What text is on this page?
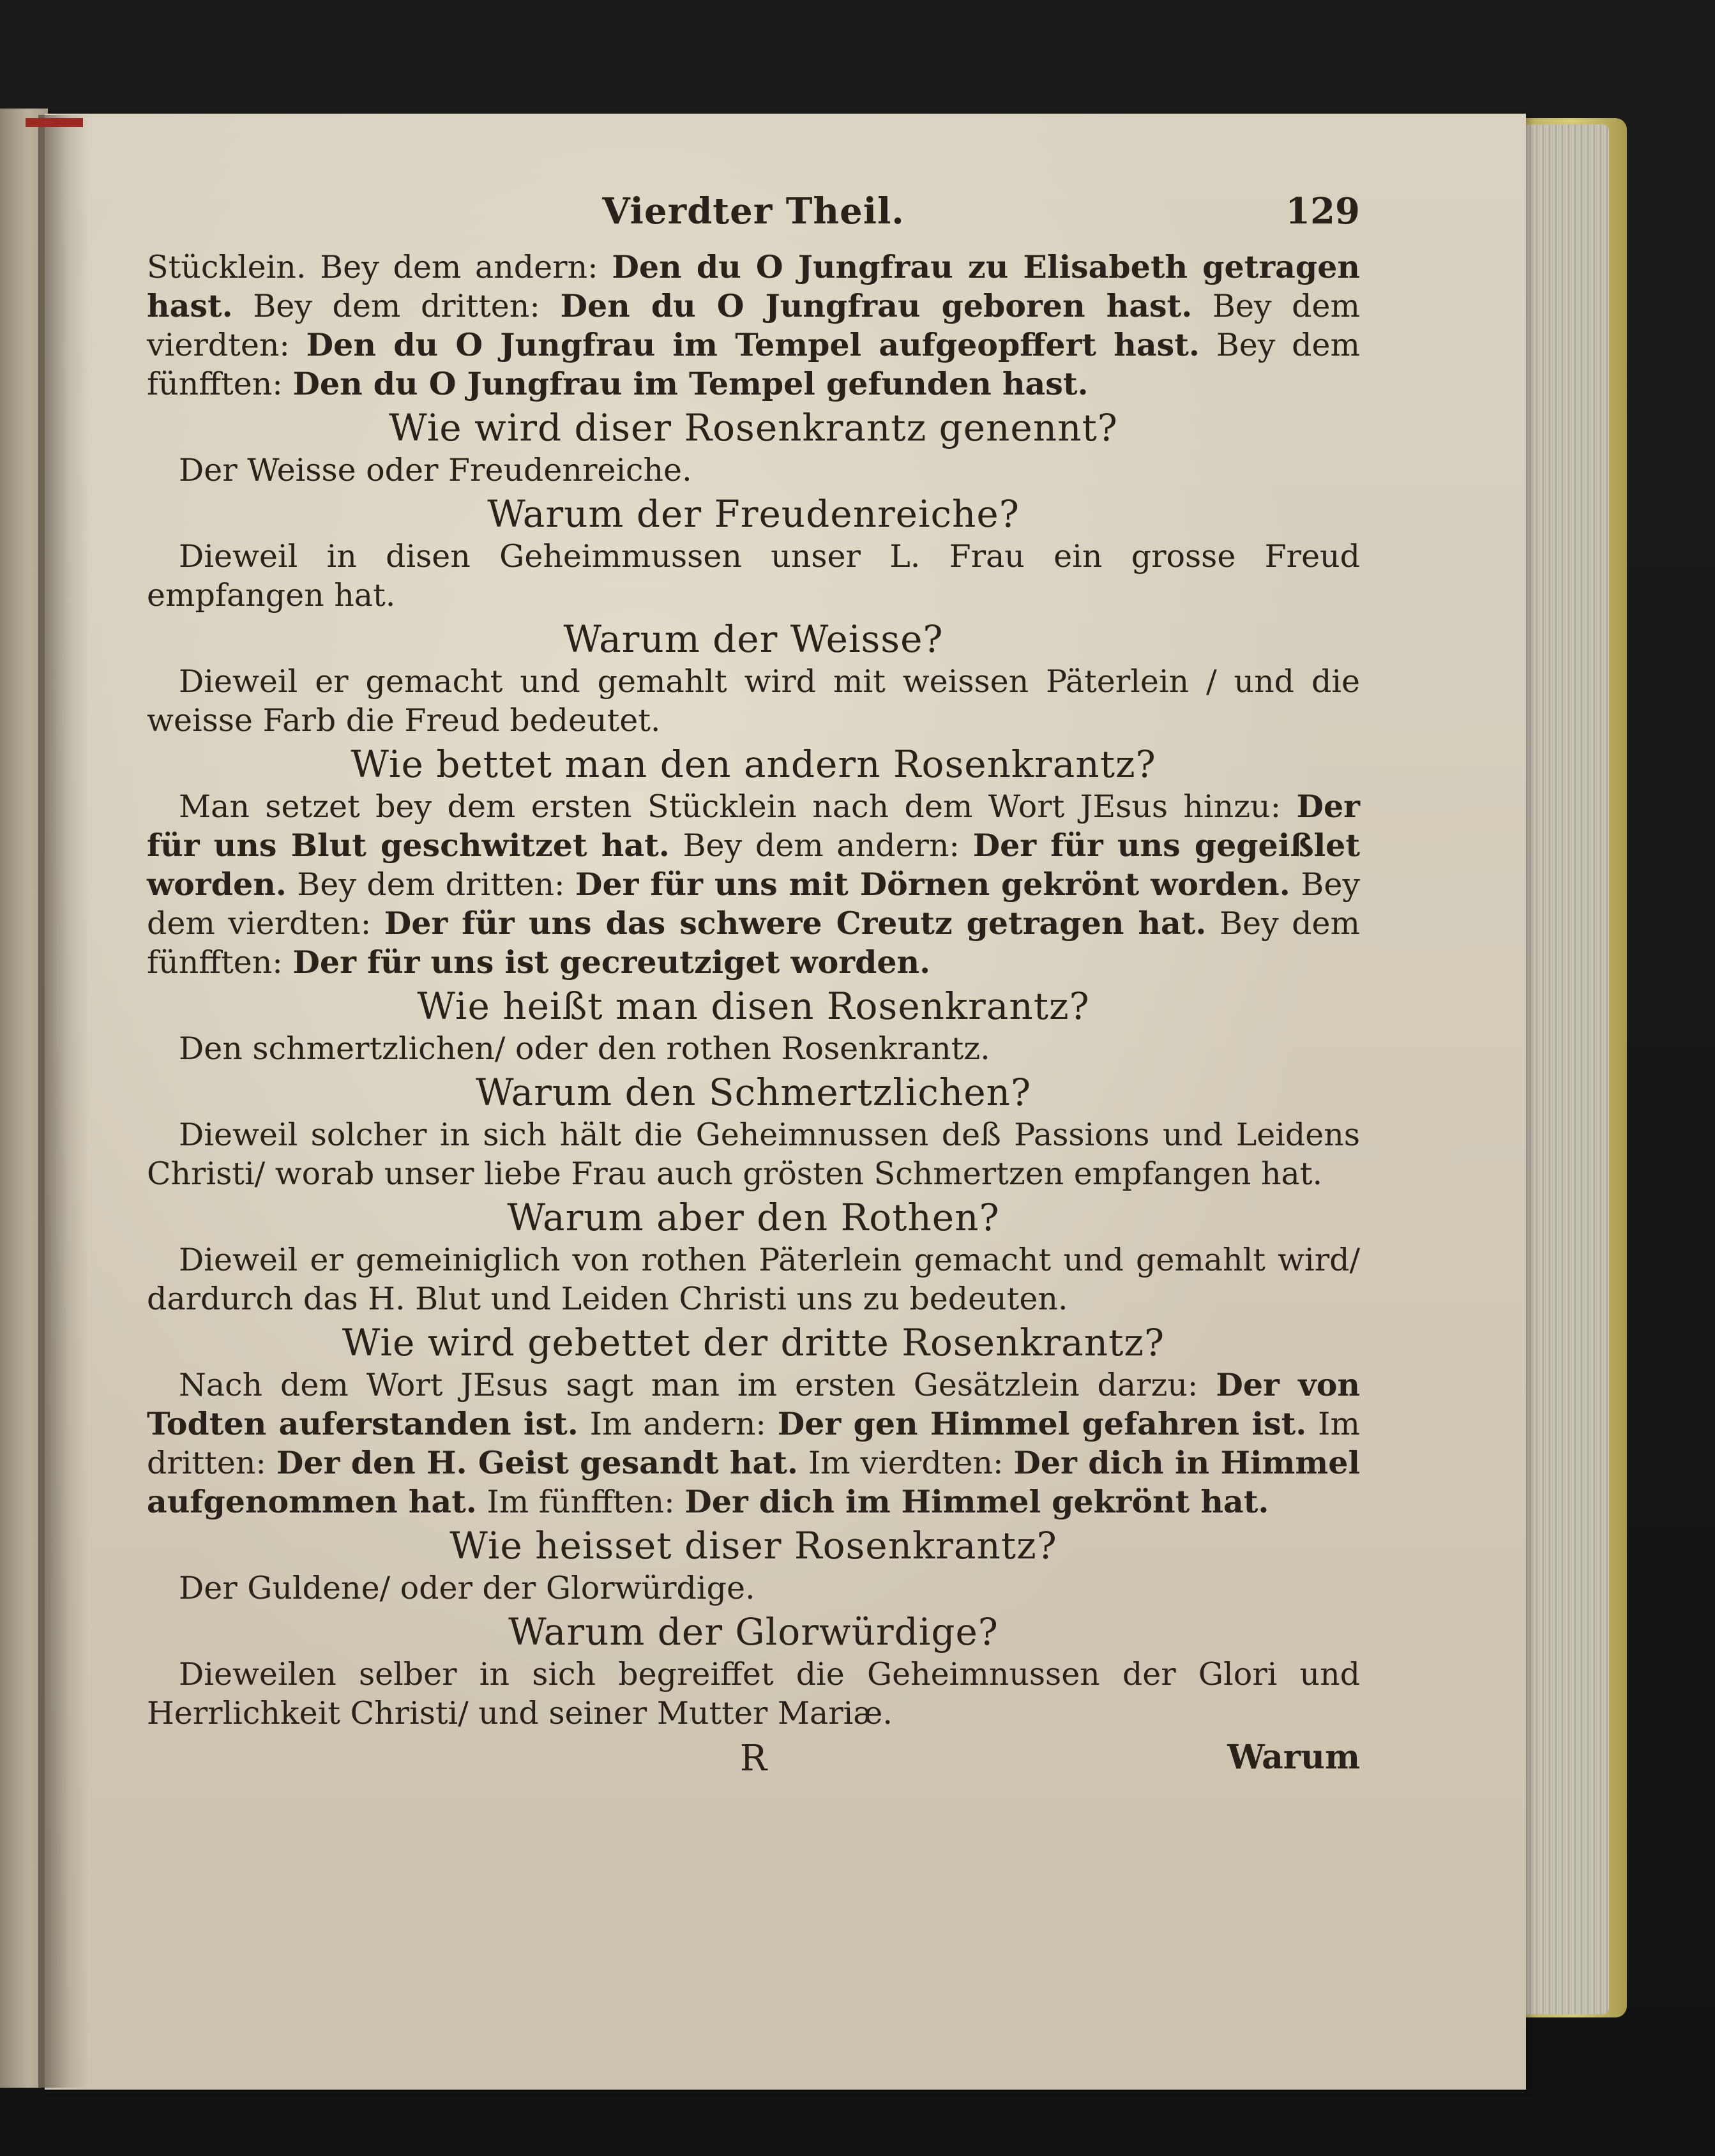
Vierdter Theil.	129

Stücklein. Bey dem andern: Den du O Jungfrau zu Elisabeth getragen hast. Bey dem dritten: Den du O Jungfrau geboren hast. Bey dem vierdten: Den du O Jungfrau im Tempel aufgeopffert hast. Bey dem fünfften: Den du O Jungfrau im Tempel gefunden hast.

Wie wird diser Rosenkrantz genennt?

Der Weisse oder Freudenreiche.

Warum der Freudenreiche?

Dieweil in disen Geheimmussen unser L. Frau ein grosse Freud empfangen hat.

Warum der Weisse?

Dieweil er gemacht und gemahlt wird mit weissen Päterlein / und die weisse Farb die Freud bedeutet.

Wie bettet man den andern Rosenkrantz?

Man setzet bey dem ersten Stücklein nach dem Wort JEsus hinzu: Der für uns Blut geschwitzet hat. Bey dem andern: Der für uns gegeißlet worden. Bey dem dritten: Der für uns mit Dörnen gekrönt worden. Bey dem vierdten: Der für uns das schwere Creutz getragen hat. Bey dem fünfften: Der für uns ist gecreutziget worden.

Wie heißt man disen Rosenkrantz?

Den schmertzlichen/ oder den rothen Rosenkrantz.

Warum den Schmertzlichen?

Dieweil solcher in sich hält die Geheimnussen deß Passions und Leidens Christi/ worab unser liebe Frau auch grösten Schmertzen empfangen hat.

Warum aber den Rothen?

Dieweil er gemeiniglich von rothen Päterlein gemacht und gemahlt wird/ dardurch das H. Blut und Leiden Christi uns zu bedeuten.

Wie wird gebettet der dritte Rosenkrantz?

Nach dem Wort JEsus sagt man im ersten Gesätzlein darzu: Der von Todten auferstanden ist. Im andern: Der gen Himmel gefahren ist. Im dritten: Der den H. Geist gesandt hat. Im vierdten: Der dich in Himmel aufgenommen hat. Im fünfften: Der dich im Himmel gekrönt hat.

Wie heisset diser Rosenkrantz?

Der Guldene/ oder der Glorwürdige.

Warum der Glorwürdige?

Dieweilen selber in sich begreiffet die Geheimnussen der Glori und Herrlichkeit Christi/ und seiner Mutter Mariæ.

R	Warum
